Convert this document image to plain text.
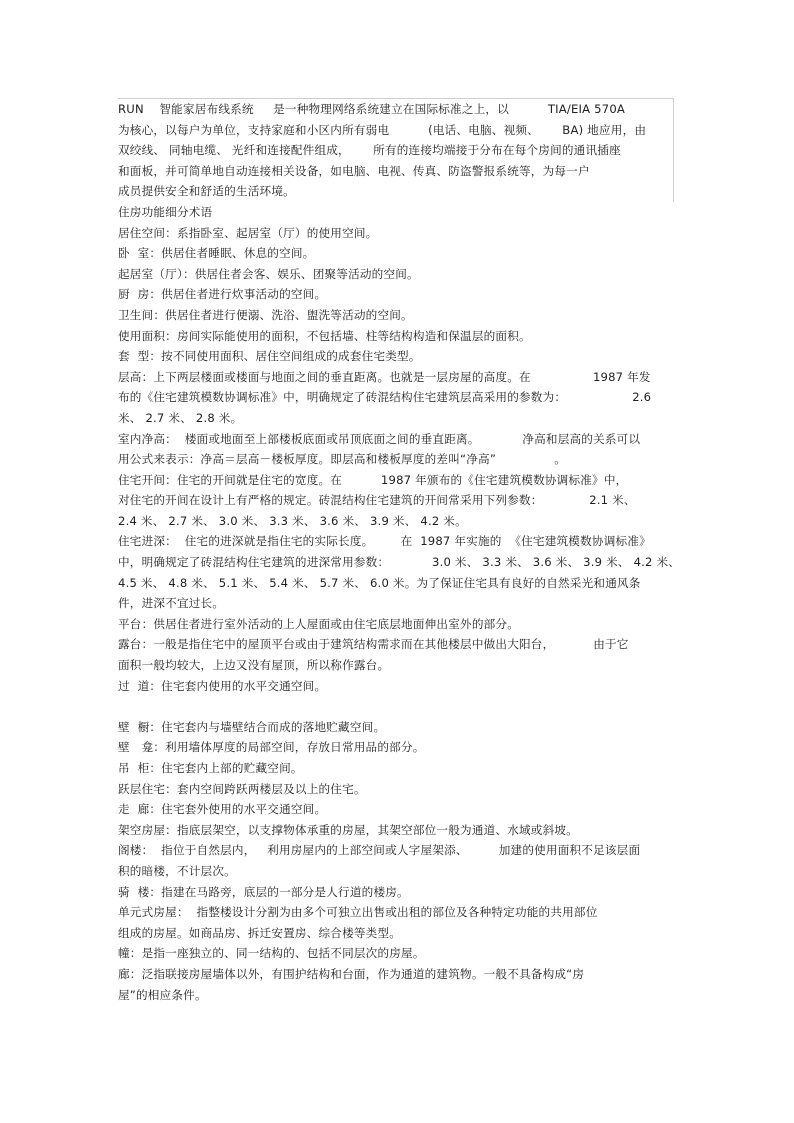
RUN    智能家居布线系统     是一种物理网络系统建立在国际标准之上，以          TIA/EIA 570A
为核心，以每户为单位，支持家庭和小区内所有弱电          (电话、电脑、视频、      BA) 地应用，由
双绞线、 同轴电缆、 光纤和连接配件组成，      所有的连接均端接于分布在每个房间的通讯插座
和面板，并可简单地自动连接相关设备，如电脑、电视、传真、防盗警报系统等，为每一户
成员提供安全和舒适的生活环境。
住房功能细分术语
居住空间：系指卧室、起居室（厅）的使用空间。
卧  室：供居住者睡眠、休息的空间。
起居室（厅）：供居住者会客、娱乐、团聚等活动的空间。
厨  房：供居住者进行炊事活动的空间。
卫生间：供居住者进行便溺、洗浴、盥洗等活动的空间。
使用面积：房间实际能使用的面积，不包括墙、柱等结构构造和保温层的面积。
套  型：按不同使用面积、居住空间组成的成套住宅类型。
层高：上下两层楼面或楼面与地面之间的垂直距离。也就是一层房屋的高度。在                1987 年发
布的《住宅建筑模数协调标准》中，明确规定了砖混结构住宅建筑层高采用的参数为：                 2.6
米、 2.7 米、 2.8 米。
室内净高：  楼面或地面至上部楼板底面或吊顶底面之间的垂直距离。           净高和层高的关系可以
用公式来表示：净高＝层高－楼板厚度。即层高和楼板厚度的差叫“净高”               。
住宅开间：住宅的开间就是住宅的宽度。在          1987 年颁布的《住宅建筑模数协调标准》中，
对住宅的开间在设计上有严格的规定。砖混结构住宅建筑的开间常采用下列参数：            2.1 米、
2.4 米、 2.7 米、 3.0 米、 3.3 米、 3.6 米、 3.9 米、 4.2 米。
住宅进深：  住宅的进深就是指住宅的实际长度。       在  1987 年实施的  《住宅建筑模数协调标准》
中，明确规定了砖混结构住宅建筑的进深常用参数：           3.0 米、 3.3 米、 3.6 米、 3.9 米、 4.2 米、
4.5 米、 4.8 米、 5.1 米、 5.4 米、 5.7 米、 6.0 米。为了保证住宅具有良好的自然采光和通风条
件，进深不宜过长。
平台：供居住者进行室外活动的上人屋面或由住宅底层地面伸出室外的部分。
露台：一般是指住宅中的屋顶平台或由于建筑结构需求而在其他楼层中做出大阳台，          由于它
面积一般均较大，上边又没有屋顶，所以称作露台。
过  道：住宅套内使用的水平交通空间。
壁  橱：住宅套内与墙壁结合而成的落地贮藏空间。
壁   龛：利用墙体厚度的局部空间，存放日常用品的部分。
吊  柜：住宅套内上部的贮藏空间。
跃层住宅：套内空间跨跃两楼层及以上的住宅。
走  廊：住宅套外使用的水平交通空间。
架空房屋：指底层架空，以支撑物体承重的房屋，其架空部位一般为通道、水域或斜坡。
阁楼：  指位于自然层内，   利用房屋内的上部空间或人字屋架添、        加建的使用面积不足该层面
积的暗楼，不计层次。
骑  楼：指建在马路旁，底层的一部分是人行道的楼房。
单元式房屋：  指整楼设计分割为由多个可独立出售或出租的部位及各种特定功能的共用部位
组成的房屋。如商品房、拆迁安置房、综合楼等类型。
幢：是指一座独立的、同一结构的、包括不同层次的房屋。
廊：泛指联接房屋墙体以外，有围护结构和台面，作为通道的建筑物。一般不具备构成“房
屋”的相应条件。
